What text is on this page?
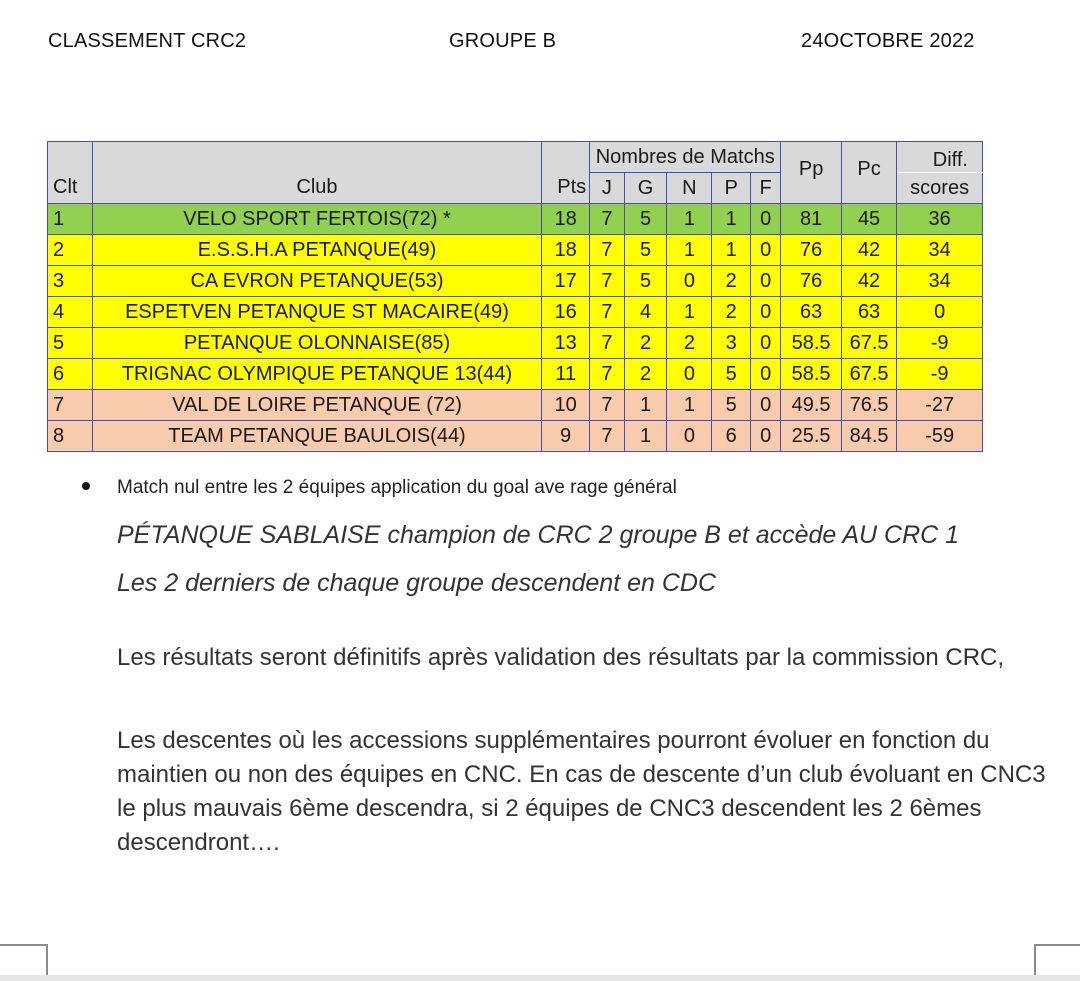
CLASSEMENT CRC2	GROUPE B	24OCTOBRE 2022
			Nombres de Matchs					Pp	Pc	Diff.
Clt	Club	Pts	J	G	N	P	F			scores
1	VELO SPORT FERTOIS(72) *	18	7	5	1	1	0	81	45	36
2	E.S.S.H.A PETANQUE(49)	18	7	5	1	1	0	76	42	34
3	CA EVRON PETANQUE(53)	17	7	5	0	2	0	76	42	34
4	ESPETVEN PETANQUE ST MACAIRE(49)	16	7	4	1	2	0	63	63	0
5	PETANQUE OLONNAISE(85)	13	7	2	2	3	0	58.5	67.5	-9
6	TRIGNAC OLYMPIQUE PETANQUE 13(44)	11	7	2	0	5	0	58.5	67.5	-9
7	VAL DE LOIRE PETANQUE (72)	10	7	1	1	5	0	49.5	76.5	-27
8	TEAM PETANQUE BAULOIS(44)	9	7	1	0	6	0	25.5	84.5	-59
Match nul entre les 2 équipes application du goal ave rage général
PÉTANQUE SABLAISE champion de CRC 2 groupe B et accède AU CRC 1
Les 2 derniers de chaque groupe descendent en CDC
Les résultats seront définitifs après validation des résultats par la commission CRC,
Les descentes où les accessions supplémentaires pourront évoluer en fonction du maintien ou non des équipes en CNC. En cas de descente d’un club évoluant en CNC3 le plus mauvais 6ème descendra, si 2 équipes de CNC3 descendent les 2 6èmes descendront….
